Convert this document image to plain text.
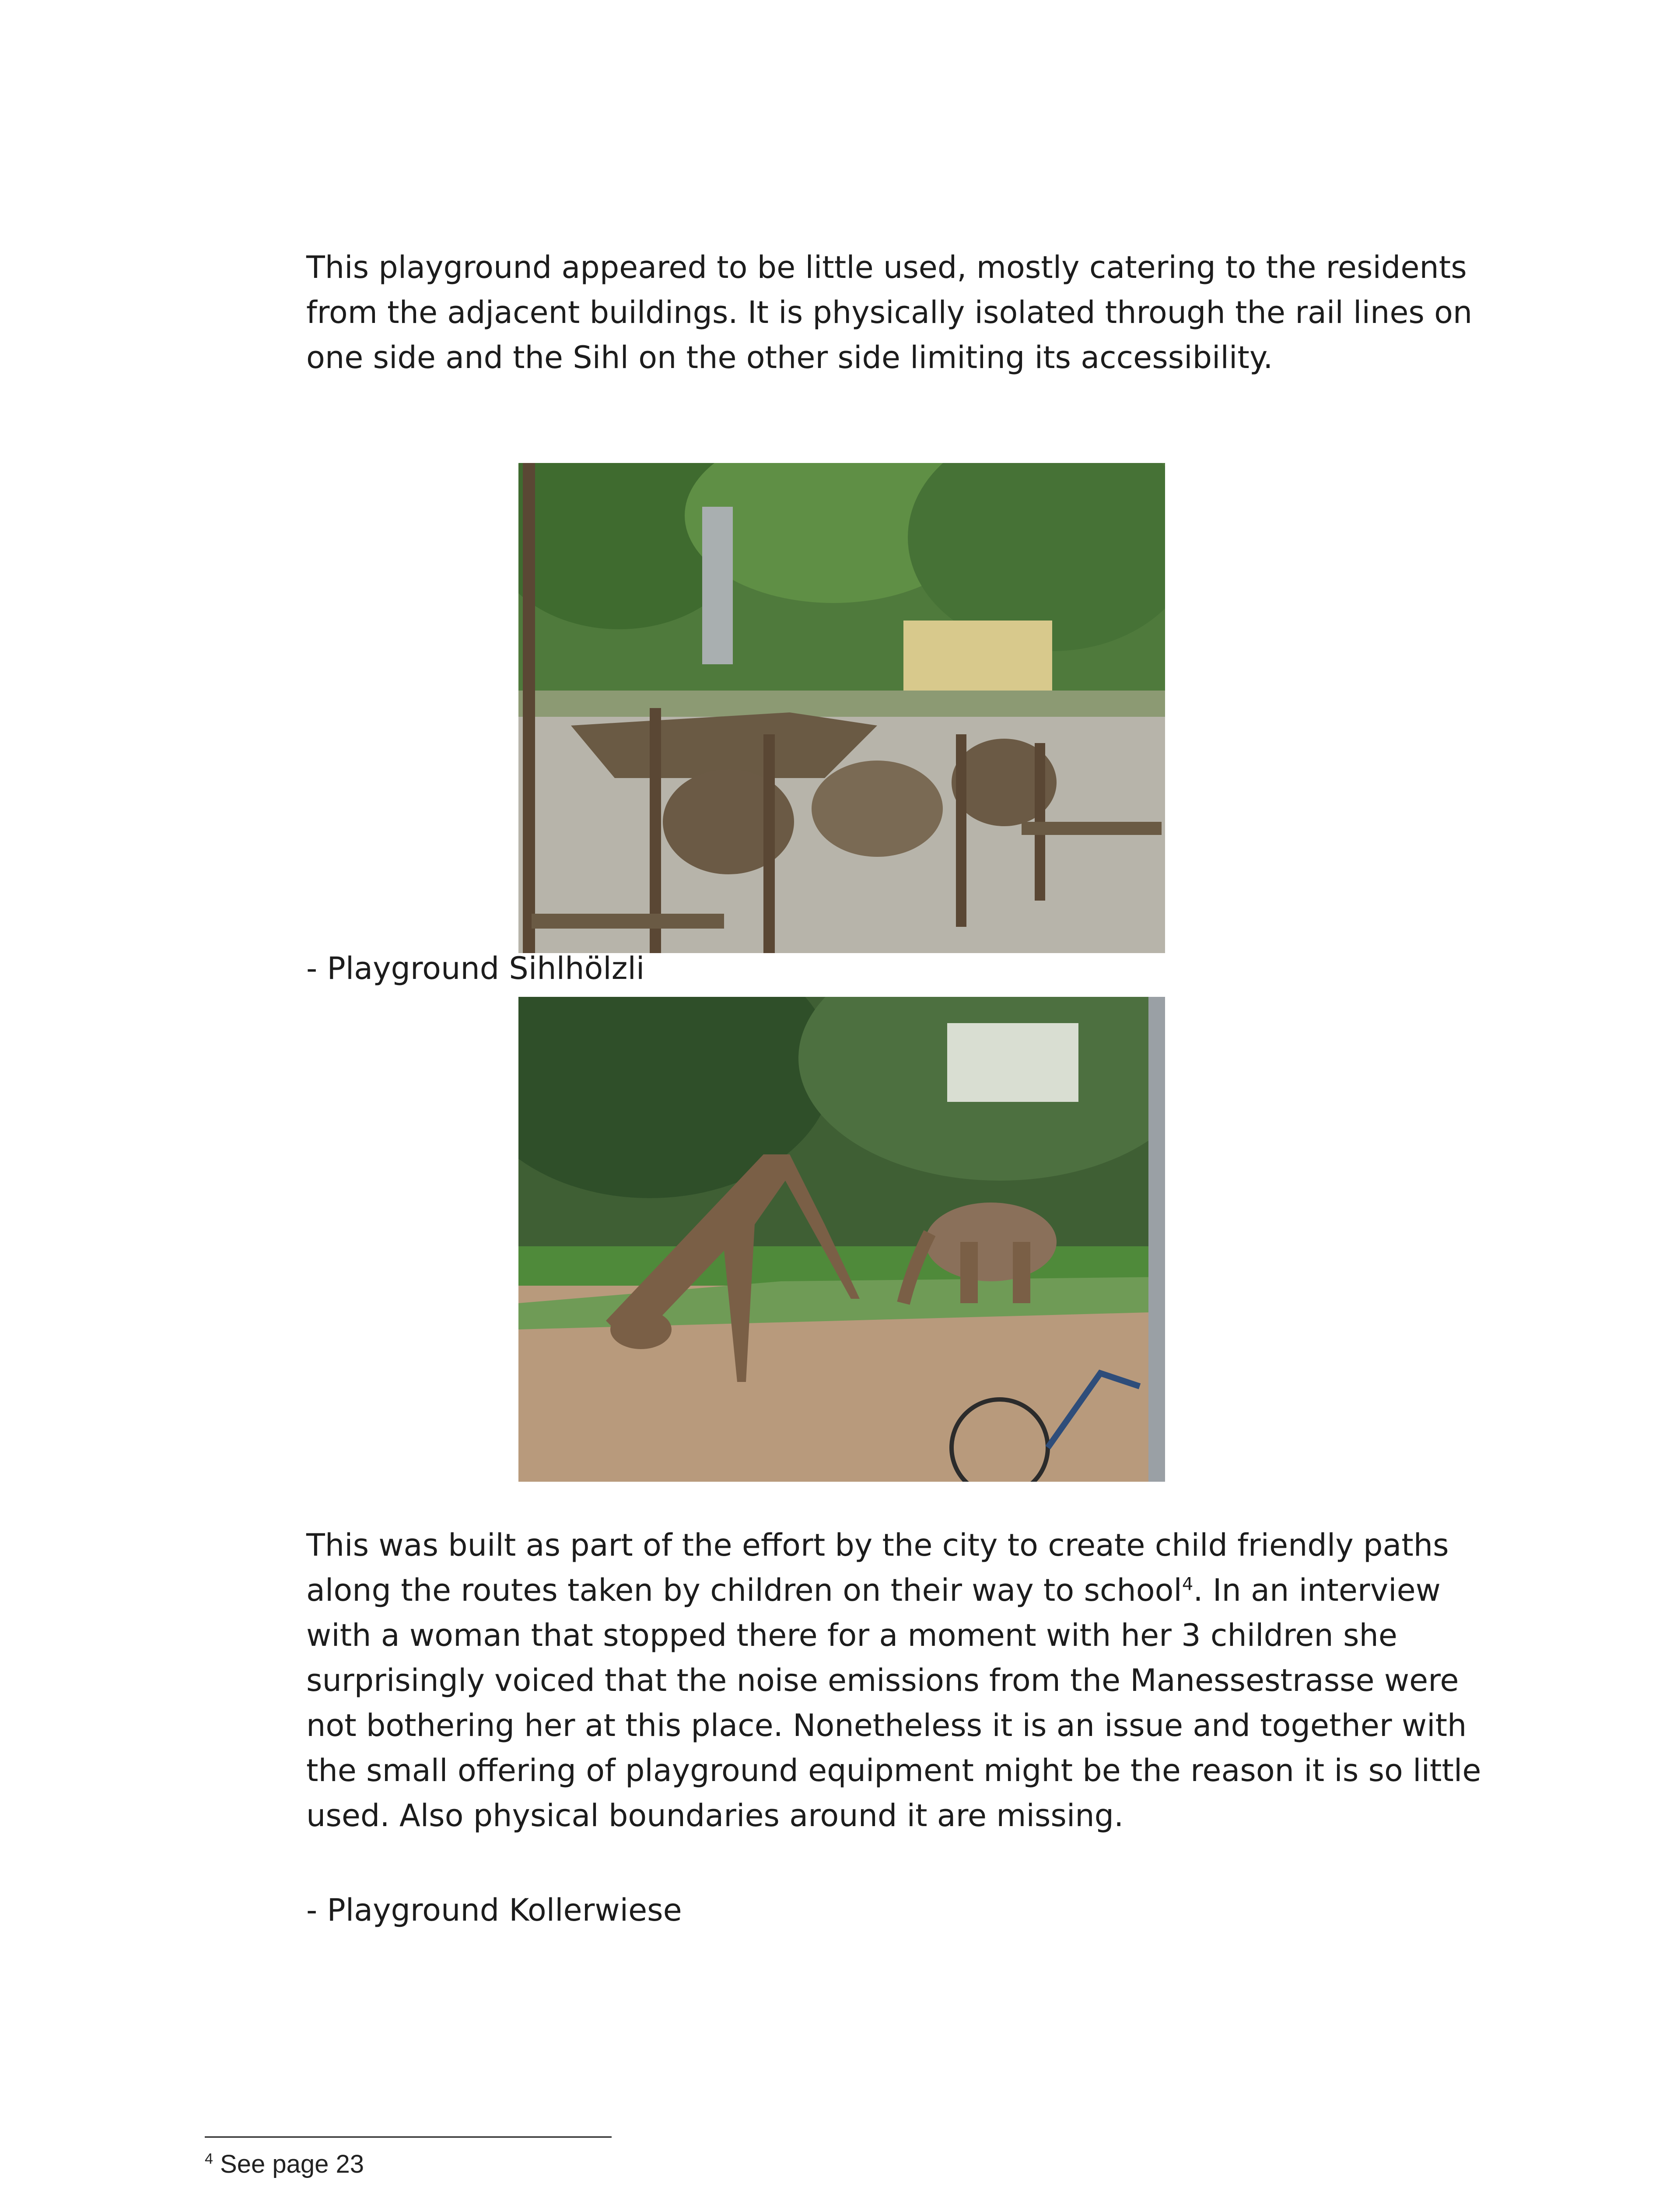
This playground appeared to be little used, mostly catering to the residents from the adjacent buildings. It is physically isolated through the rail lines on one side and the Sihl on the other side limiting its accessibility.

- Playground Sihlhölzli

This was built as part of the effort by the city to create child friendly paths along the routes taken by children on their way to school$^4$. In an interview with a woman that stopped there for a moment with her 3 children she surprisingly voiced that the noise emissions from the Manessestrasse were not bothering her at this place. Nonetheless it is an issue and together with the small offering of playground equipment might be the reason it is so little used. Also physical boundaries around it are missing.

- Playground Kollerwiese

$^4$ See page 23
